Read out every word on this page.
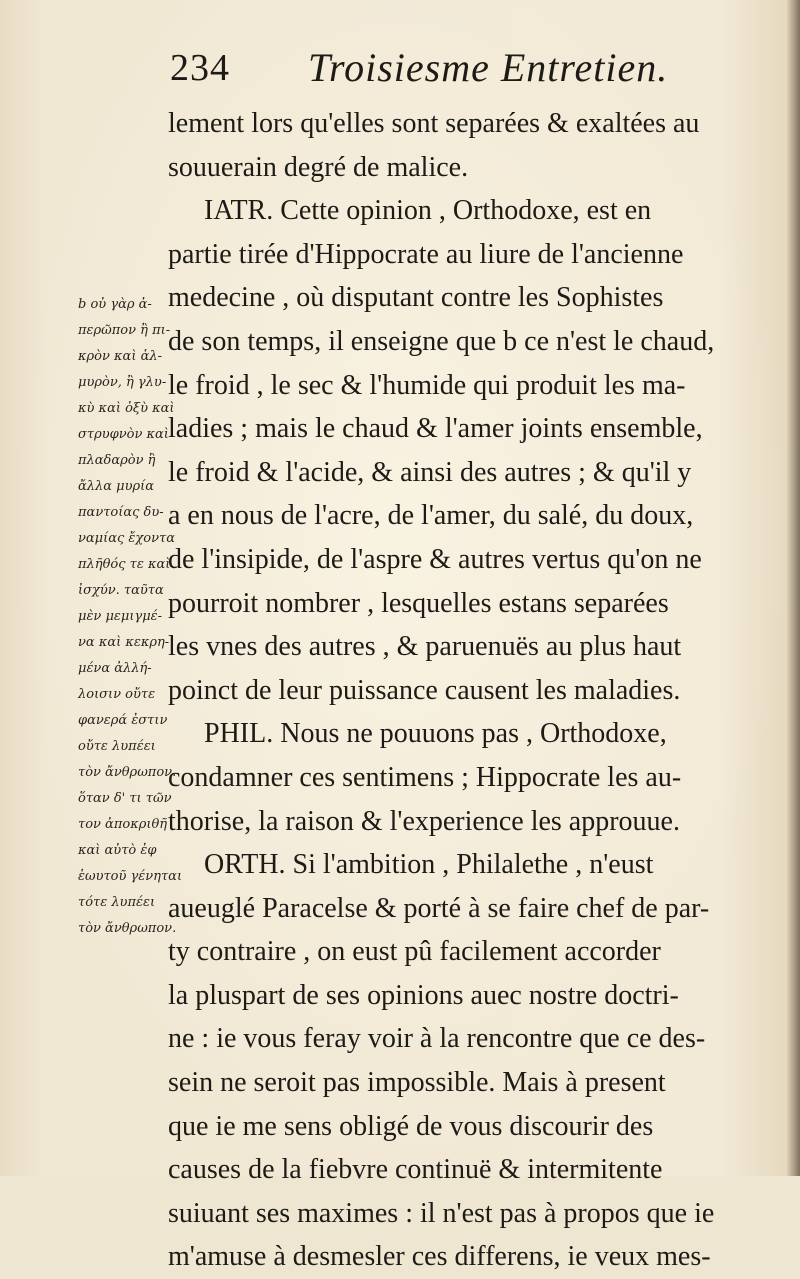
234 Troisiesme Entretien.
lement lors qu'elles sont separées & exaltées au
souuerain degré de malice.
IATR. Cette opinion , Orthodoxe, est en
partie tirée d'Hippocrate au liure de l'ancienne
medecine , où disputant contre les Sophistes
de son temps, il enseigne que b ce n'est le chaud,
le froid , le sec & l'humide qui produit les ma-
ladies ; mais le chaud & l'amer joints ensemble,
le froid & l'acide, & ainsi des autres ; & qu'il y
a en nous de l'acre, de l'amer, du salé, du doux,
de l'insipide, de l'aspre & autres vertus qu'on ne
pourroit nombrer , lesquelles estans separées
les vnes des autres , & paruenuës au plus haut
poinct de leur puissance causent les maladies.
PHIL. Nous ne pouuons pas , Orthodoxe,
condamner ces sentimens ; Hippocrate les au-
thorise, la raison & l'experience les approuue.
ORTH. Si l'ambition , Philalethe , n'eust
aueuglé Paracelse & porté à se faire chef de par-
ty contraire , on eust pû facilement accorder
la pluspart de ses opinions auec nostre doctri-
ne : ie vous feray voir à la rencontre que ce des-
sein ne seroit pas impossible. Mais à present
que ie me sens obligé de vous discourir des
causes de la fiebvre continuë & intermitente
suiuant ses maximes : il n'est pas à propos que ie
m'amuse à desmesler ces differens, ie veux mes-
b οὐ γὰρ ἀ-
περῶπον ἢ πι-
κρὸν καὶ ἁλ-
μυρὸν, ἢ γλυ-
κὺ καὶ ὀξὺ καὶ
στρυφνὸν καὶ
πλαδαρὸν ἢ
ἄλλα μυρία
παντοίας δυ-
ναμίας ἔχοντα
πλῆθός τε καὶ
ἰσχύν. ταῦτα
μὲν μεμιγμέ-
να καὶ κεκρη-
μένα ἀλλή-
λοισιν οὔτε
φανερά ἐστιν
οὔτε λυπέει
τὸν ἄνθρωπον.
ὅταν δ' τι τῶν
τον ἀποκριθῆ
καὶ αὐτὸ ἐφ
ἑωυτοῦ γένηται
τότε λυπέει
τὸν ἄνθρωπον.
